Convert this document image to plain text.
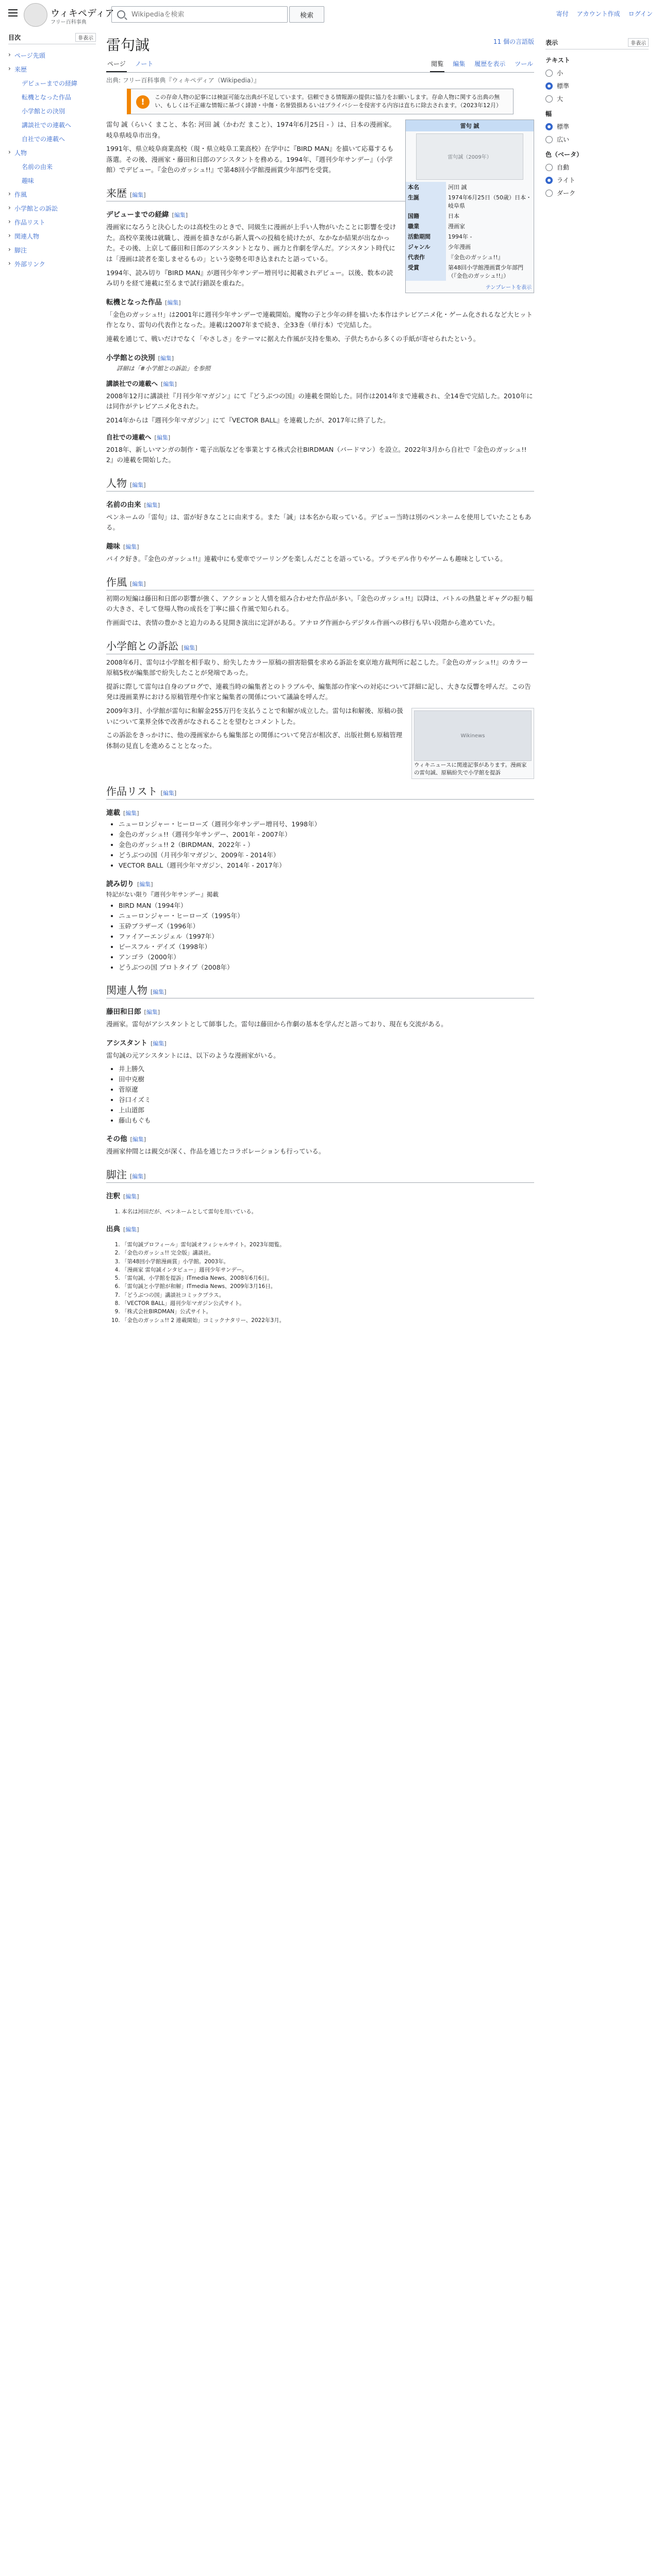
ウィキペディア
フリー百科事典
Wikipediaを検索
検索	寄付 アカウント作成 ログイン
目次	非表示
› ページ先頭
› 来歴
デビューまでの経緯
転機となった作品
小学館との決別
講談社での連載へ
自社での連載へ
› 人物
名前の由来
趣味
› 作風
› 小学館との訴訟
› 作品リスト
› 関連人物
› 脚注
› 外部リンク
雷句誠	11 個の言語版
ページ ノート	閲覧 編集 履歴を表示 ツール
出典: フリー百科事典『ウィキペディア（Wikipedia）』
!	この存命人物の記事には検証可能な出典が不足しています。信頼できる情報源の提供に協力をお願いします。存命人物に関する出典の無い、もしくは不正確な情報に基づく誹謗・中傷・名誉毀損あるいはプライバシーを侵害する内容は直ちに除去されます。（2023年12月）
雷句 誠
雷句誠（2009年）
本名	河田 誠
生誕	1974年6月25日（50歳）日本・岐阜県
国籍	日本
職業	漫画家
活動期間	1994年 -
ジャンル	少年漫画
代表作	『金色のガッシュ!!』
受賞	第48回小学館漫画賞少年部門（『金色のガッシュ!!』）
テンプレートを表示

雷句 誠（らいく まこと、本名: 河田 誠（かわだ まこと）、1974年6月25日 - ）は、日本の漫画家。岐阜県岐阜市出身。

1991年、県立岐阜商業高校（現・県立岐阜工業高校）在学中に『BIRD MAN』を描いて応募するも落選。その後、漫画家・藤田和日郎のアシスタントを務める。1994年、『週刊少年サンデー』（小学館）でデビュー。『金色のガッシュ!!』で第48回小学館漫画賞少年部門を受賞。

来歴 [編集]
デビューまでの経緯 [編集]

漫画家になろうと決心したのは高校生のときで、同級生に漫画が上手い人物がいたことに影響を受けた。高校卒業後は就職し、漫画を描きながら新人賞への投稿を続けたが、なかなか結果が出なかった。その後、上京して藤田和日郎のアシスタントとなり、画力と作劇を学んだ。アシスタント時代には「漫画は読者を楽しませるもの」という姿勢を叩き込まれたと語っている。

1994年、読み切り『BIRD MAN』が週刊少年サンデー増刊号に掲載されデビュー。以後、数本の読み切りを経て連載に至るまで試行錯誤を重ねた。

転機となった作品 [編集]

「金色のガッシュ!!」は2001年に週刊少年サンデーで連載開始。魔物の子と少年の絆を描いた本作はテレビアニメ化・ゲーム化されるなど大ヒット作となり、雷句の代表作となった。連載は2007年まで続き、全33巻（単行本）で完結した。

連載を通じて、戦いだけでなく「やさしさ」をテーマに据えた作風が支持を集め、子供たちから多くの手紙が寄せられたという。

小学館との決別 [編集]
詳細は「#小学館との訴訟」を参照
講談社での連載へ [編集]

2008年12月に講談社『月刊少年マガジン』にて『どうぶつの国』の連載を開始した。同作は2014年まで連載され、全14巻で完結した。2010年には同作がテレビアニメ化された。

2014年からは『週刊少年マガジン』にて『VECTOR BALL』を連載したが、2017年に終了した。

自社での連載へ [編集]

2018年、新しいマンガの制作・電子出版などを事業とする株式会社BIRDMAN（バードマン）を設立。2022年3月から自社で『金色のガッシュ!! 2』の連載を開始した。

人物 [編集]
名前の由来 [編集]

ペンネームの「雷句」は、雷が好きなことに由来する。また「誠」は本名から取っている。デビュー当時は別のペンネームを使用していたこともある。

趣味 [編集]

バイク好き。『金色のガッシュ!!』連載中にも愛車でツーリングを楽しんだことを語っている。プラモデル作りやゲームも趣味としている。

作風 [編集]

初期の短編は藤田和日郎の影響が強く、アクションと人情を組み合わせた作品が多い。『金色のガッシュ!!』以降は、バトルの熱量とギャグの振り幅の大きさ、そして登場人物の成長を丁寧に描く作風で知られる。

作画面では、表情の豊かさと迫力のある見開き演出に定評がある。アナログ作画からデジタル作画への移行も早い段階から進めていた。

小学館との訴訟 [編集]

2008年6月、雷句は小学館を相手取り、紛失したカラー原稿の損害賠償を求める訴訟を東京地方裁判所に起こした。『金色のガッシュ!!』のカラー原稿5枚が編集部で紛失したことが発端であった。

提訴に際して雷句は自身のブログで、連載当時の編集者とのトラブルや、編集部の作家への対応について詳細に記し、大きな反響を呼んだ。この告発は漫画業界における原稿管理や作家と編集者の関係について議論を呼んだ。

Wikinews
ウィキニュースに関連記事があります。漫画家の雷句誠、原稿紛失で小学館を提訴

2009年3月、小学館が雷句に和解金255万円を支払うことで和解が成立した。雷句は和解後、原稿の扱いについて業界全体で改善がなされることを望むとコメントした。

この訴訟をきっかけに、他の漫画家からも編集部との関係について発言が相次ぎ、出版社側も原稿管理体制の見直しを進めることとなった。

作品リスト [編集]
連載 [編集]
• ニューロンジャー・ヒーローズ（週刊少年サンデー増刊号、1998年）
• 金色のガッシュ!!（週刊少年サンデー、2001年 - 2007年）
• 金色のガッシュ!! 2（BIRDMAN、2022年 - ）
• どうぶつの国（月刊少年マガジン、2009年 - 2014年）
• VECTOR BALL（週刊少年マガジン、2014年 - 2017年）
読み切り [編集]
特記がない限り『週刊少年サンデー』掲載
• BIRD MAN（1994年）
• ニューロンジャー・ヒーローズ（1995年）
• 玉砕ブラザーズ（1996年）
• ファイアーエンジェル（1997年）
• ピースフル・デイズ（1998年）
• アンゴラ（2000年）
• どうぶつの国 プロトタイプ（2008年）
関連人物 [編集]
藤田和日郎 [編集]

漫画家。雷句がアシスタントとして師事した。雷句は藤田から作劇の基本を学んだと語っており、現在も交流がある。

アシスタント [編集]

雷句誠の元アシスタントには、以下のような漫画家がいる。

• 井上勝久
• 田中克樹
• 菅原遼
• 谷口イズミ
• 上山道郎
• 藤山もぐも
その他 [編集]

漫画家仲間とは親交が深く、作品を通じたコラボレーションも行っている。

脚注 [編集]
注釈 [編集]
1. 本名は河田だが、ペンネームとして雷句を用いている。
出典 [編集]
1. 「雷句誠プロフィール」雷句誠オフィシャルサイト。2023年閲覧。
2. 「金色のガッシュ!! 完全版」講談社。
3. 「第48回小学館漫画賞」小学館。2003年。
4. 「漫画家 雷句誠インタビュー」週刊少年サンデー。
5. 「雷句誠、小学館を提訴」ITmedia News、2008年6月6日。
6. 「雷句誠と小学館が和解」ITmedia News、2009年3月16日。
7. 「どうぶつの国」講談社コミックプラス。
8. 「VECTOR BALL」週刊少年マガジン公式サイト。
9. 「株式会社BIRDMAN」公式サイト。
10. 「金色のガッシュ!! 2 連載開始」コミックナタリー、2022年3月。
表示	非表示
テキスト
小
標準
大
幅
標準
広い
色（ベータ）
自動
ライト
ダーク
